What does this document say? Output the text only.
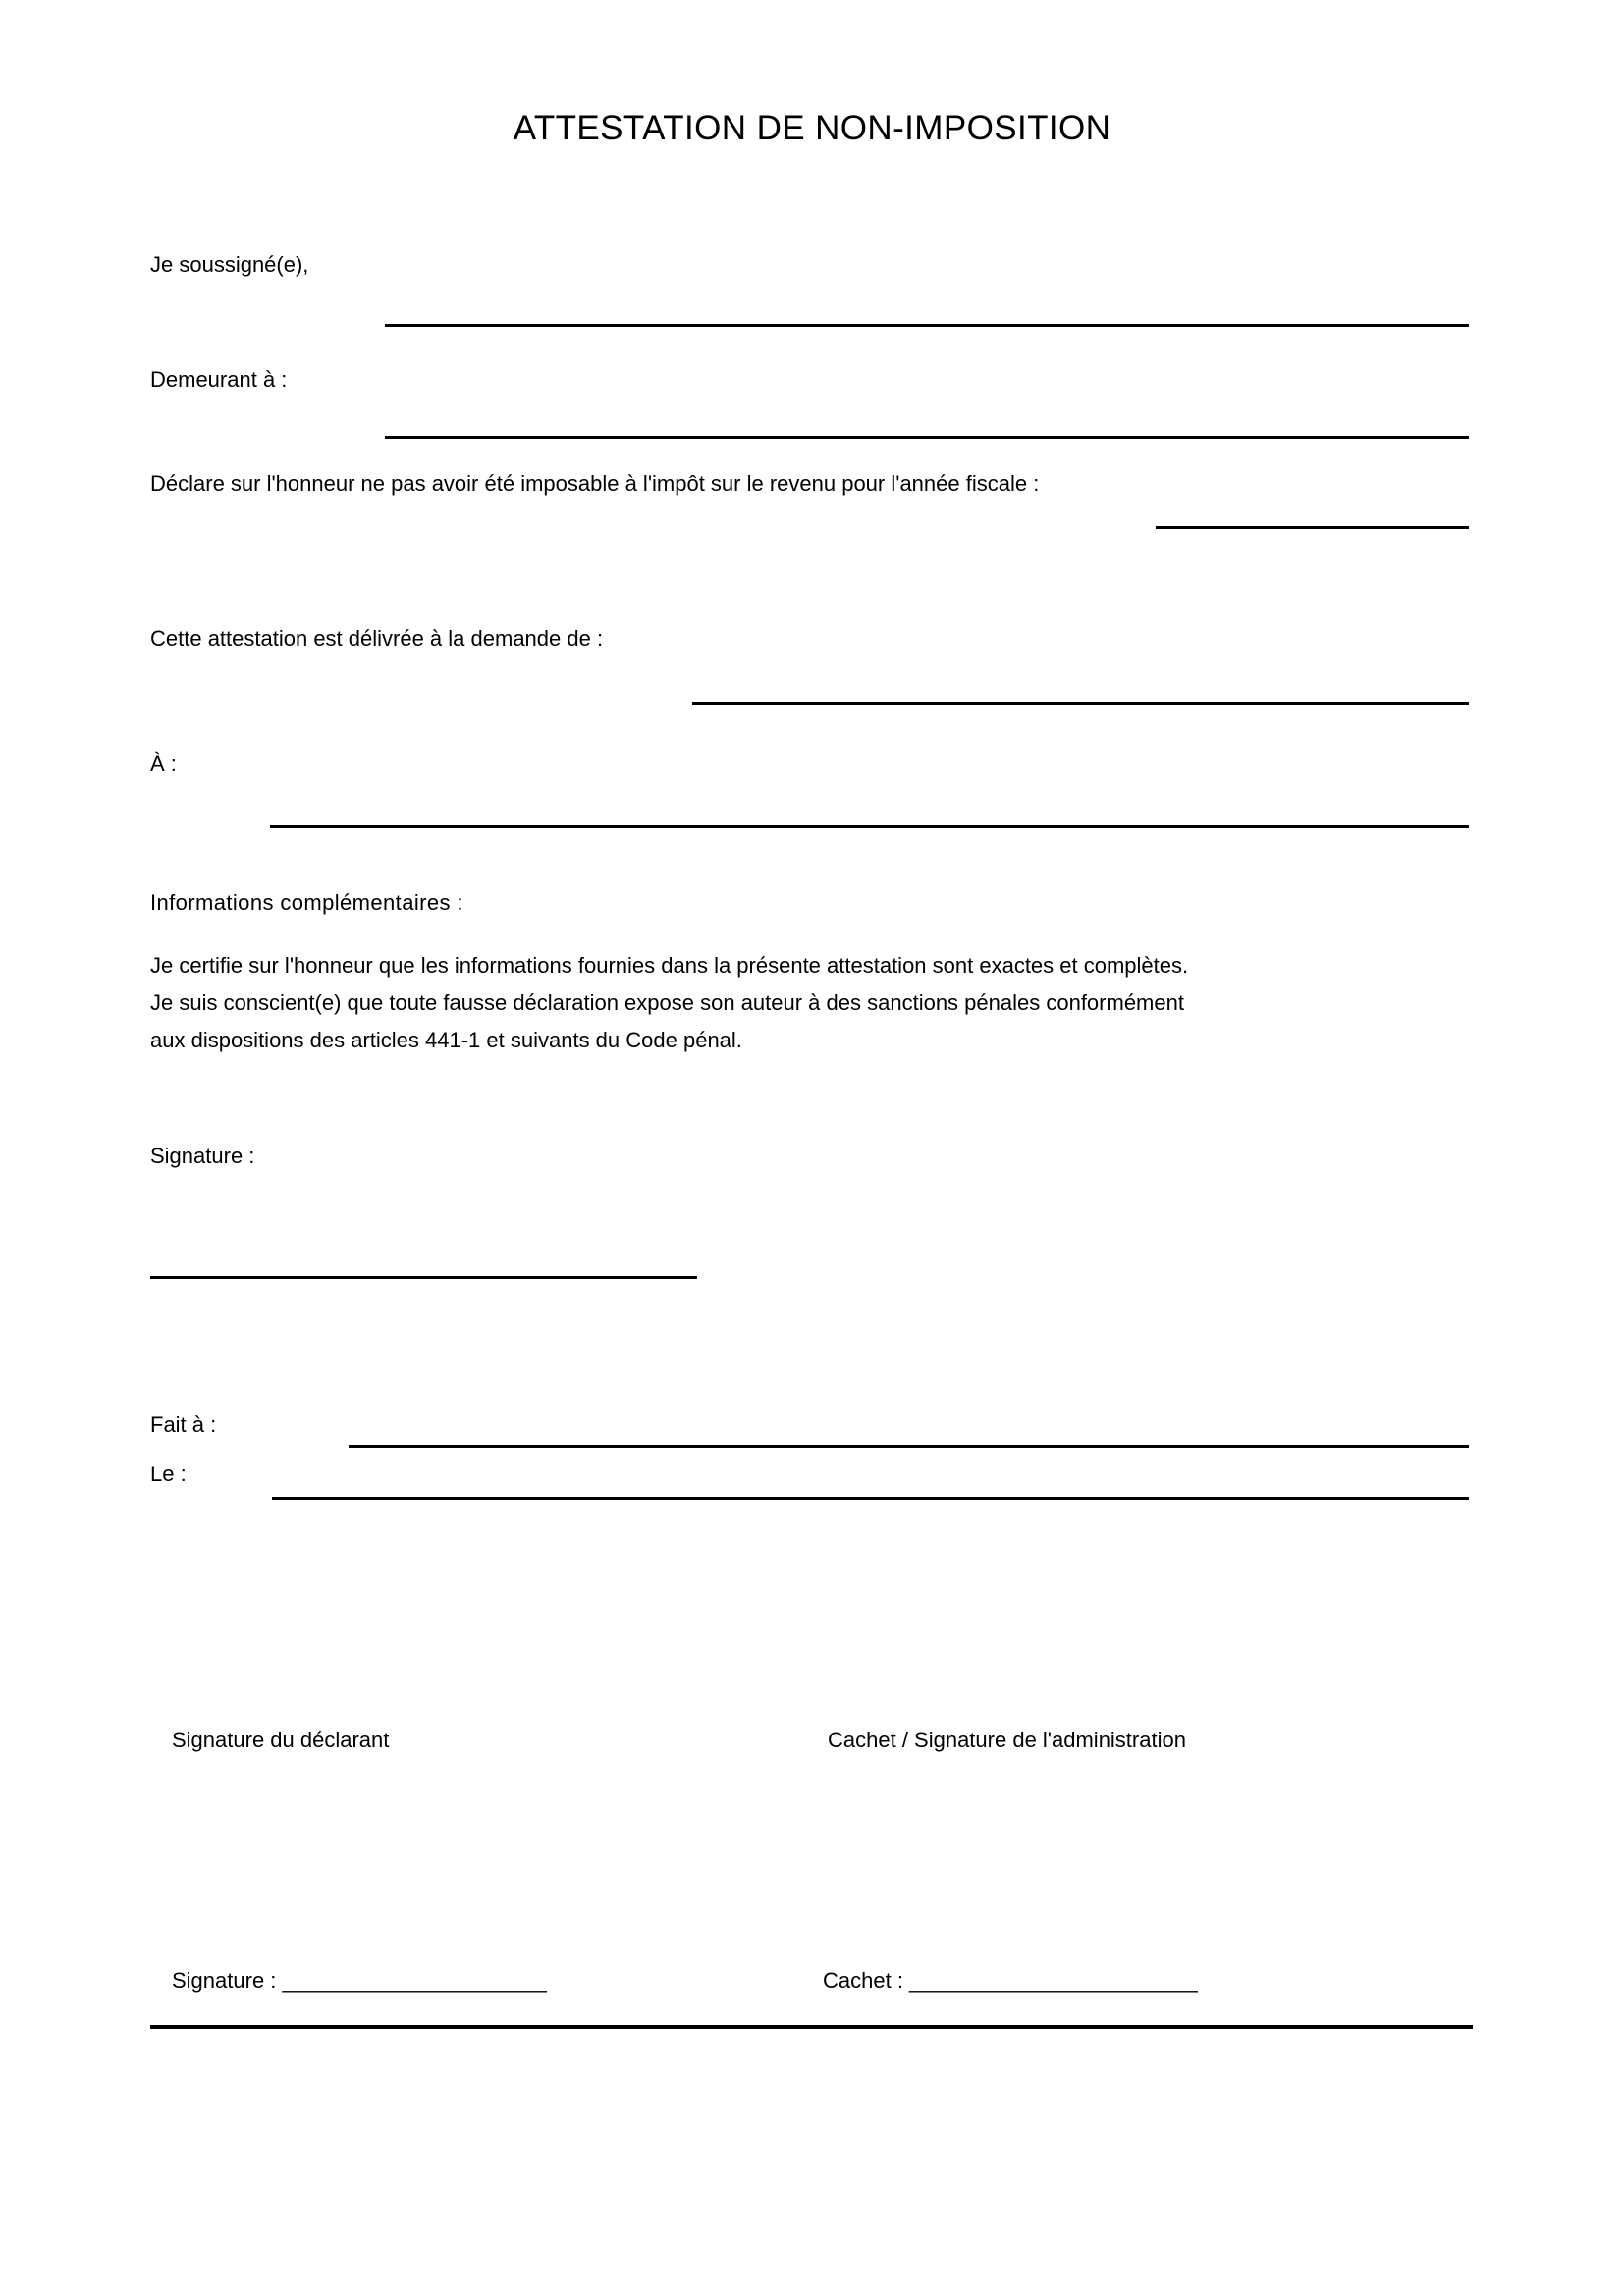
ATTESTATION DE NON-IMPOSITION
Je soussigné(e),
Demeurant à :
Déclare sur l'honneur ne pas avoir été imposable à l'impôt sur le revenu pour l'année fiscale :
Cette attestation est délivrée à la demande de :
À :
Informations complémentaires :
Je certifie sur l'honneur que les informations fournies dans la présente attestation sont exactes et complètes.
Je suis conscient(e) que toute fausse déclaration expose son auteur à des sanctions pénales conformément
aux dispositions des articles 441-1 et suivants du Code pénal.
Signature :
Fait à :
Le :
Signature du déclarant	Cachet / Signature de l'administration
Signature : ______________________	Cachet : ________________________
